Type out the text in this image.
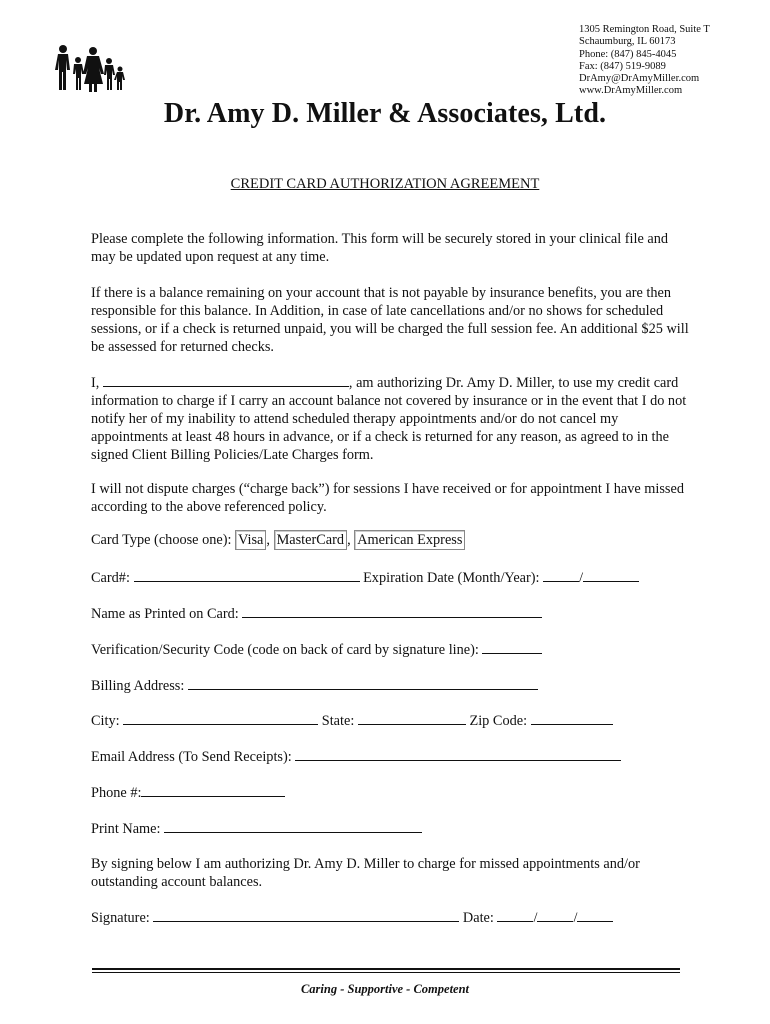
1305 Remington Road, Suite T
Schaumburg, IL 60173
Phone: (847) 845-4045
Fax: (847) 519-9089
DrAmy@DrAmyMiller.com
www.DrAmyMiller.com
Dr. Amy D. Miller & Associates, Ltd.
CREDIT CARD AUTHORIZATION AGREEMENT
Please complete the following information. This form will be securely stored in your clinical file and may be updated upon request at any time.
If there is a balance remaining on your account that is not payable by insurance benefits, you are then responsible for this balance. In Addition, in case of late cancellations and/or no shows for scheduled sessions, or if a check is returned unpaid, you will be charged the full session fee. An additional $25 will be assessed for returned checks.
I,	, am authorizing Dr. Amy D. Miller, to use my credit card information to charge if I carry an account balance not covered by insurance or in the event that I do not notify her of my inability to attend scheduled therapy appointments and/or do not cancel my appointments at least 48 hours in advance, or if a check is returned for any reason, as agreed to in the signed Client Billing Policies/Late Charges form.
I will not dispute charges (“charge back”) for sessions I have received or for appointment I have missed according to the above referenced policy.
Card Type (choose one): Visa , MasterCard , American Express
Card#:	Expiration Date (Month/Year):	/
Name as Printed on Card:
Verification/Security Code (code on back of card by signature line):
Billing Address:
City:	State:	Zip Code:
Email Address (To Send Receipts):
Phone #:
Print Name:
By signing below I am authorizing Dr. Amy D. Miller to charge for missed appointments and/or outstanding account balances.
Signature:	Date:	/	/
Caring - Supportive - Competent
